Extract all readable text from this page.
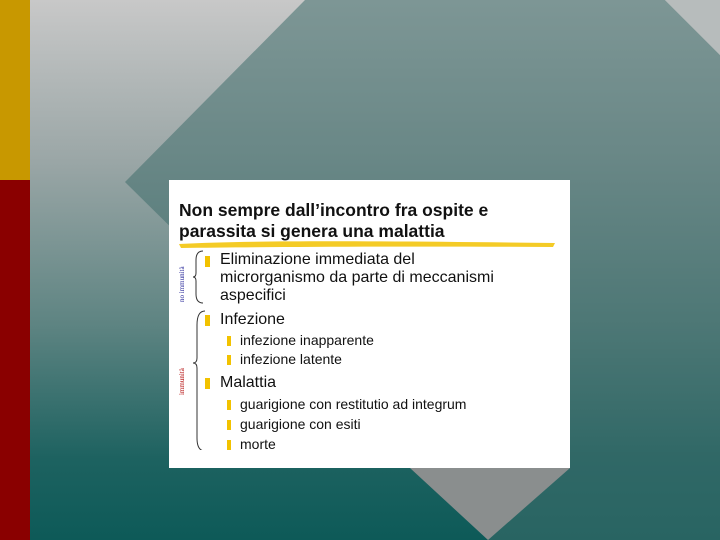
Non sempre dall’incontro fra ospite e
parassita si genera una malattia
no immunità
immunità
Eliminazione immediata del
microrganismo da parte di meccanismi
aspecifici
Infezione
infezione inapparente
infezione latente
Malattia
guarigione con restitutio ad integrum
guarigione con esiti
morte
